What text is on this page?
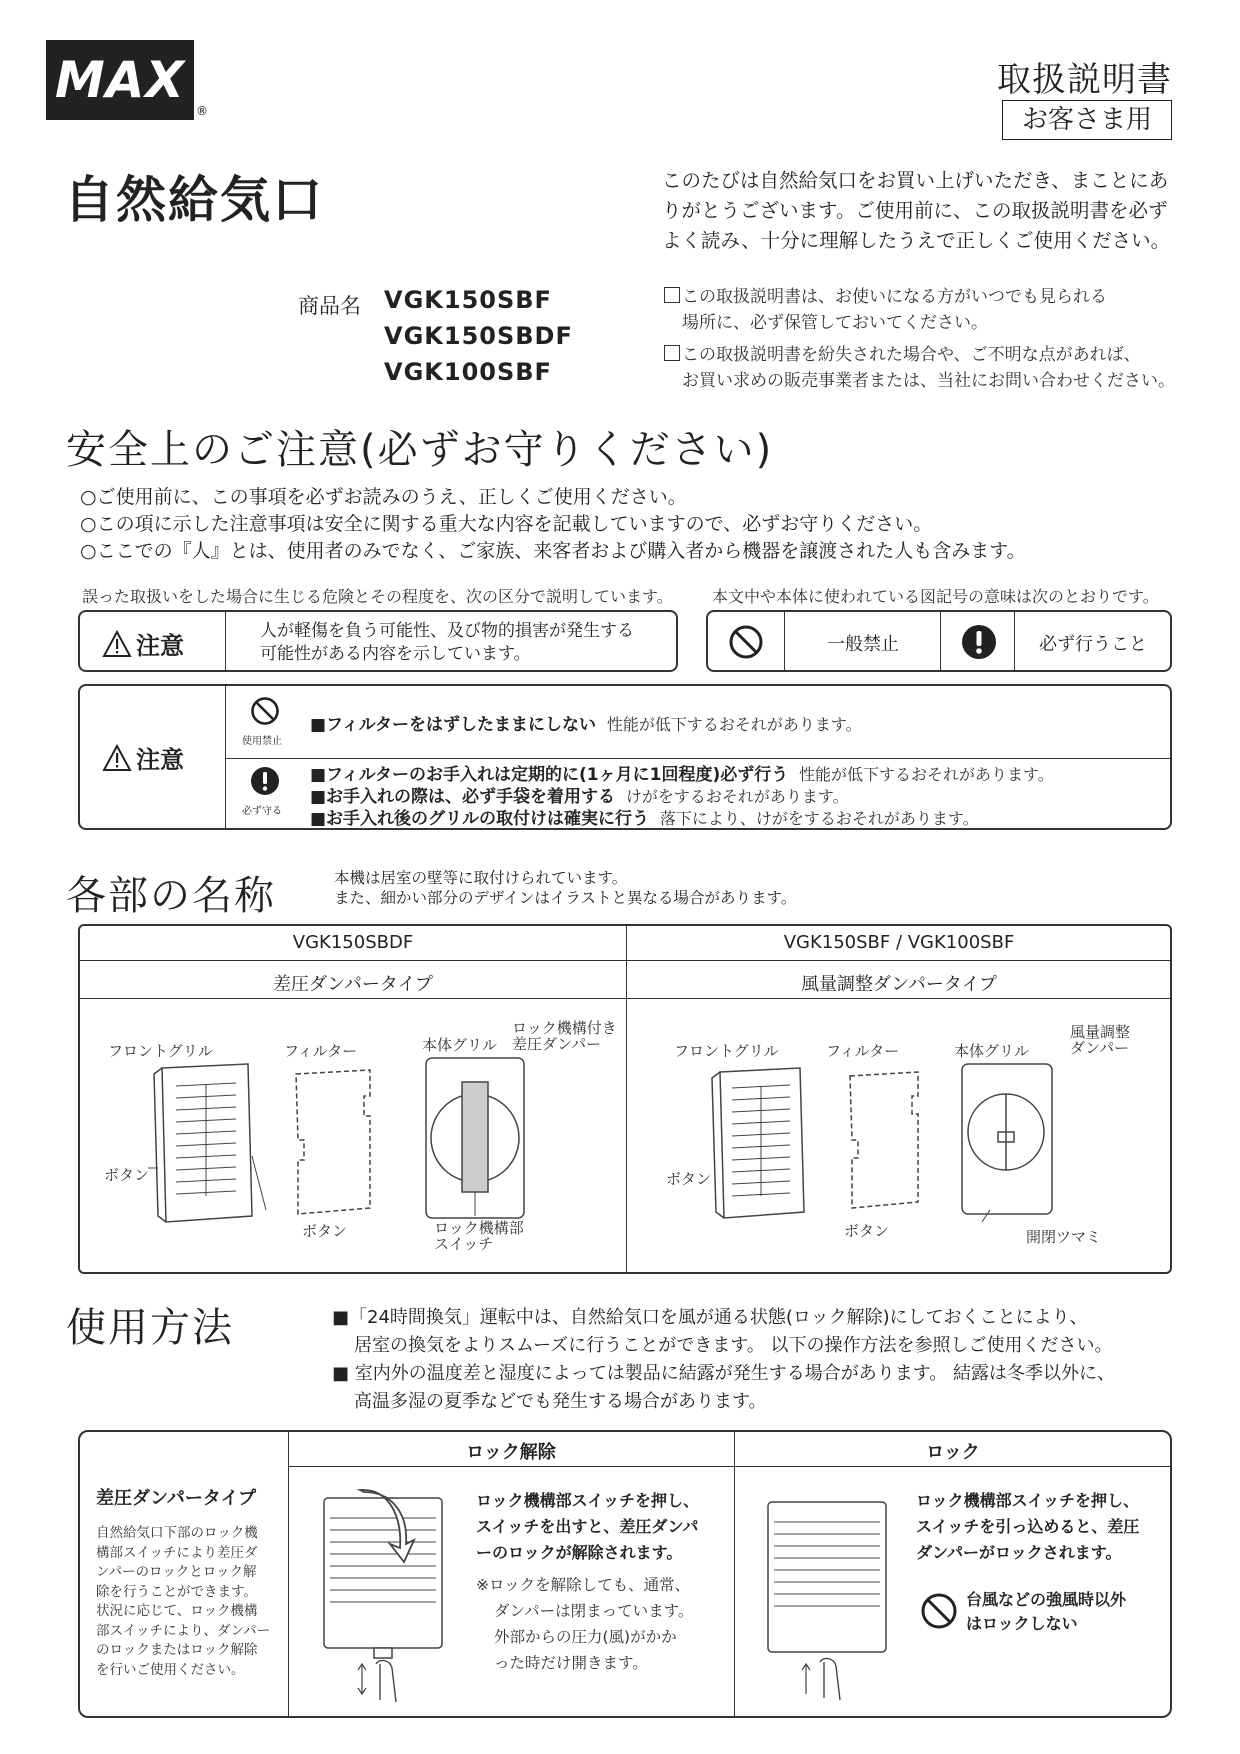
MAX
®
取扱説明書
お客さま用
自然給気口	このたびは自然給気口をお買い上げいただき、まことにありがとうございます。ご使用前に、この取扱説明書を必ずよく読み、十分に理解したうえで正しくご使用ください。
商品名 VGK150SBF
VGK150SBDF
VGK100SBF
この取扱説明書は、お使いになる方がいつでも見られる
場所に、必ず保管しておいてください。
この取扱説明書を紛失された場合や、ご不明な点があれば、
お買い求めの販売事業者または、当社にお問い合わせください。
安全上のご注意(必ずお守りください)
○ご使用前に、この事項を必ずお読みのうえ、正しくご使用ください。
○この項に示した注意事項は安全に関する重大な内容を記載していますので、必ずお守りください。
○ここでの『人』とは、使用者のみでなく、ご家族、来客者および購入者から機器を譲渡された人も含みます。
誤った取扱いをした場合に生じる危険とその程度を、次の区分で説明しています。 本文中や本体に使われている図記号の意味は次のとおりです。
注意
人が軽傷を負う可能性、及び物的損害が発生する
可能性がある内容を示しています。	一般禁止	必ず行うこと
注意
使用禁止
■フィルターをはずしたままにしない 性能が低下するおそれがあります。
必ず守る
■フィルターのお手入れは定期的に(1ヶ月に1回程度)必ず行う 性能が低下するおそれがあります。
■お手入れの際は、必ず手袋を着用する けがをするおそれがあります。
■お手入れ後のグリルの取付けは確実に行う 落下により、けがをするおそれがあります。
各部の名称	本機は居室の壁等に取付けられています。
また、細かい部分のデザインはイラストと異なる場合があります。
VGK150SBDF	VGK150SBF / VGK100SBF
差圧ダンパータイプ	風量調整ダンパータイプ
フロントグリル	フィルター	本体グリル
ロック機構付き
差圧ダンパー
ボタン
ボタン	ロック機構部
スイッチ
フロントグリル	フィルター	本体グリル
風量調整
ダンパー
ボタン
ボタン	開閉ツマミ
使用方法	■「24時間換気」運転中は、自然給気口を風が通る状態(ロック解除)にしておくことにより、
居室の換気をよりスムーズに行うことができます。 以下の操作方法を参照しご使用ください。
■ 室内外の温度差と湿度によっては製品に結露が発生する場合があります。 結露は冬季以外に、
高温多湿の夏季などでも発生する場合があります。
ロック解除	ロック
差圧ダンパータイプ
自然給気口下部のロック機
構部スイッチにより差圧ダ
ンパーのロックとロック解
除を行うことができます。
状況に応じて、ロック機構
部スイッチにより、ダンパー
のロックまたはロック解除
を行いご使用ください。
ロック機構部スイッチを押し、
スイッチを出すと、差圧ダンパ
ーのロックが解除されます。
※ロックを解除しても、通常、
ダンパーは閉まっています。
外部からの圧力(風)がかか
った時だけ開きます。
ロック機構部スイッチを押し、
スイッチを引っ込めると、差圧
ダンパーがロックされます。
台風などの強風時以外
はロックしない
